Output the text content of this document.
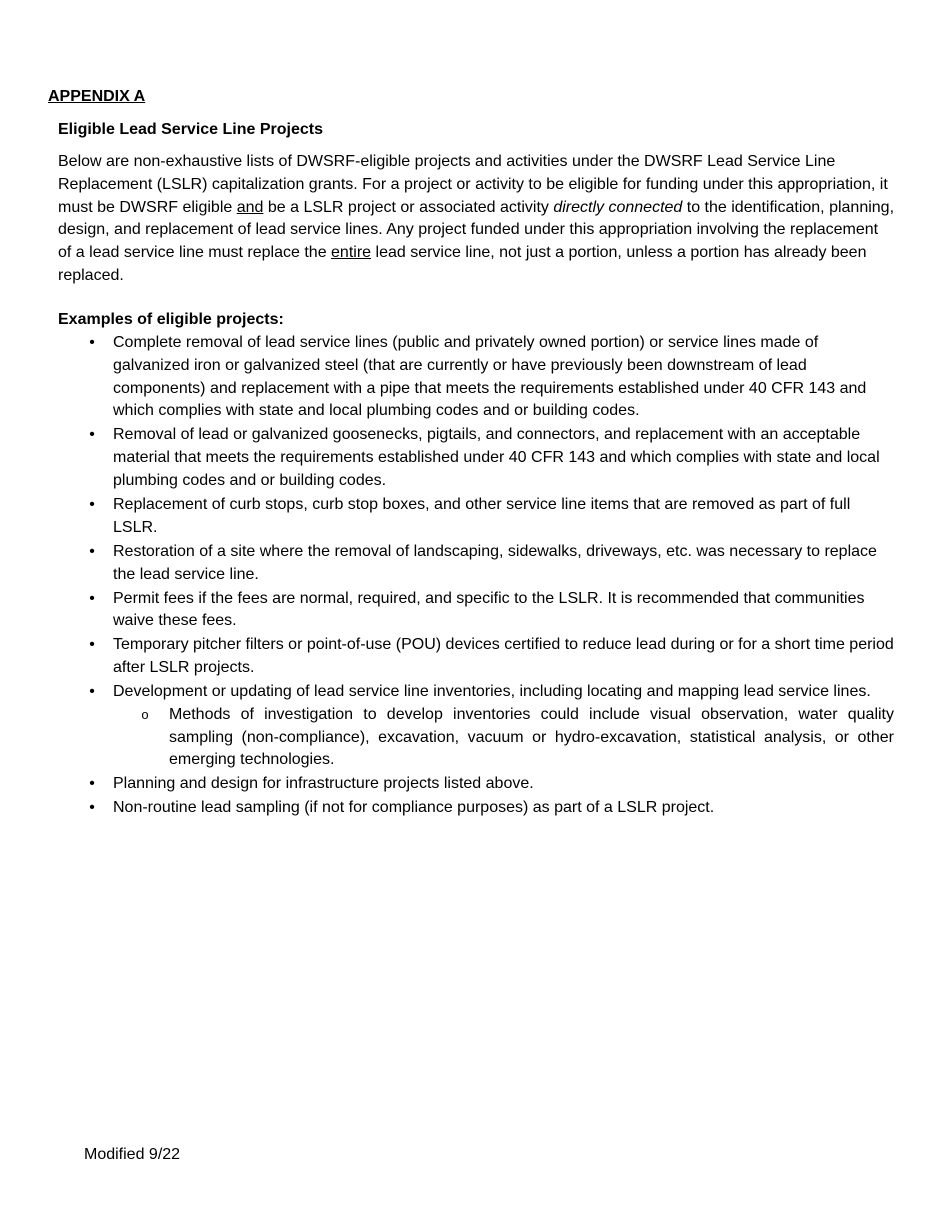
APPENDIX A
Eligible Lead Service Line Projects

Below are non-exhaustive lists of DWSRF-eligible projects and activities under the DWSRF Lead Service Line Replacement (LSLR) capitalization grants. For a project or activity to be eligible for funding under this appropriation, it must be DWSRF eligible and be a LSLR project or associated activity directly connected to the identification, planning, design, and replacement of lead service lines. Any project funded under this appropriation involving the replacement of a lead service line must replace the entire lead service line, not just a portion, unless a portion has already been replaced.

Examples of eligible projects:
• Complete removal of lead service lines (public and privately owned portion) or service lines made of galvanized iron or galvanized steel (that are currently or have previously been downstream of lead components) and replacement with a pipe that meets the requirements established under 40 CFR 143 and which complies with state and local plumbing codes and or building codes.
• Removal of lead or galvanized goosenecks, pigtails, and connectors, and replacement with an acceptable material that meets the requirements established under 40 CFR 143 and which complies with state and local plumbing codes and or building codes.
• Replacement of curb stops, curb stop boxes, and other service line items that are removed as part of full LSLR.
• Restoration of a site where the removal of landscaping, sidewalks, driveways, etc. was necessary to replace the lead service line.
• Permit fees if the fees are normal, required, and specific to the LSLR. It is recommended that communities waive these fees.
• Temporary pitcher filters or point-of-use (POU) devices certified to reduce lead during or for a short time period after LSLR projects.
• Development or updating of lead service line inventories, including locating and mapping lead service lines.
o Methods of investigation to develop inventories could include visual observation, water quality sampling (non-compliance), excavation, vacuum or hydro-excavation, statistical analysis, or other emerging technologies.
• Planning and design for infrastructure projects listed above.
• Non-routine lead sampling (if not for compliance purposes) as part of a LSLR project.
Modified 9/22
